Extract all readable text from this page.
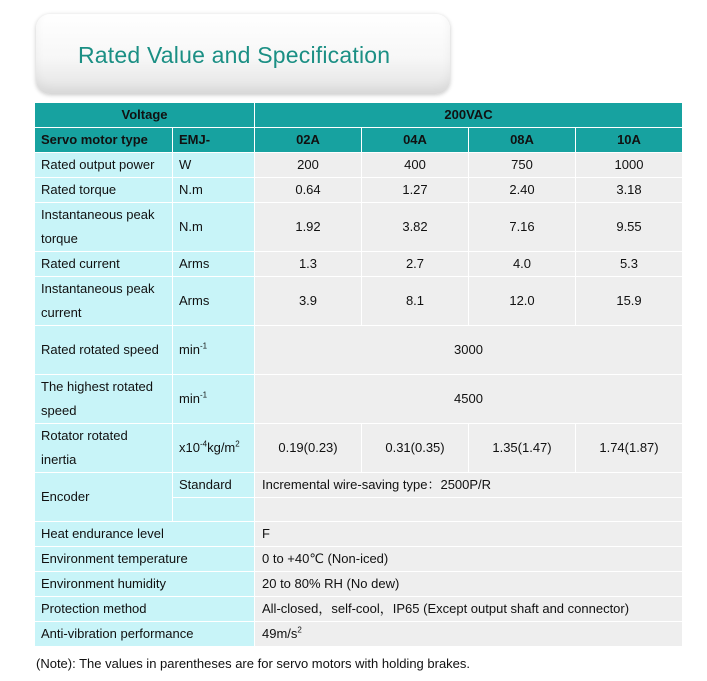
Rated Value and Specification
Voltage		200VAC			
Servo motor type	EMJ-	02A	04A	08A	10A
Rated output power	W	200	400	750	1000
Rated torque	N.m	0.64	1.27	2.40	3.18
Instantaneous peak torque	N.m	1.92	3.82	7.16	9.55
Rated current	Arms	1.3	2.7	4.0	5.3
Instantaneous peak current	Arms	3.9	8.1	12.0	15.9
Rated rotated speed	$\min^{-1}$	3000			
The highest rotated speed	$\min^{-1}$	4500			
Rotator rotated inertia	$x10^{-4}kg/m^2$	0.19(0.23)	0.31(0.35)	1.35(1.47)	1.74(1.87)
Encoder	Standard	Incremental wire-saving type：2500P/R			

Heat endurance level		F			
Environment temperature		0 to +40℃ (Non-iced)			
Environment humidity		20 to 80% RH (No dew)			
Protection method		All-closed，self-cool，IP65 (Except output shaft and connector)			
Anti-vibration performance		$49m/s^2$
(Note): The values in parentheses are for servo motors with holding brakes.
